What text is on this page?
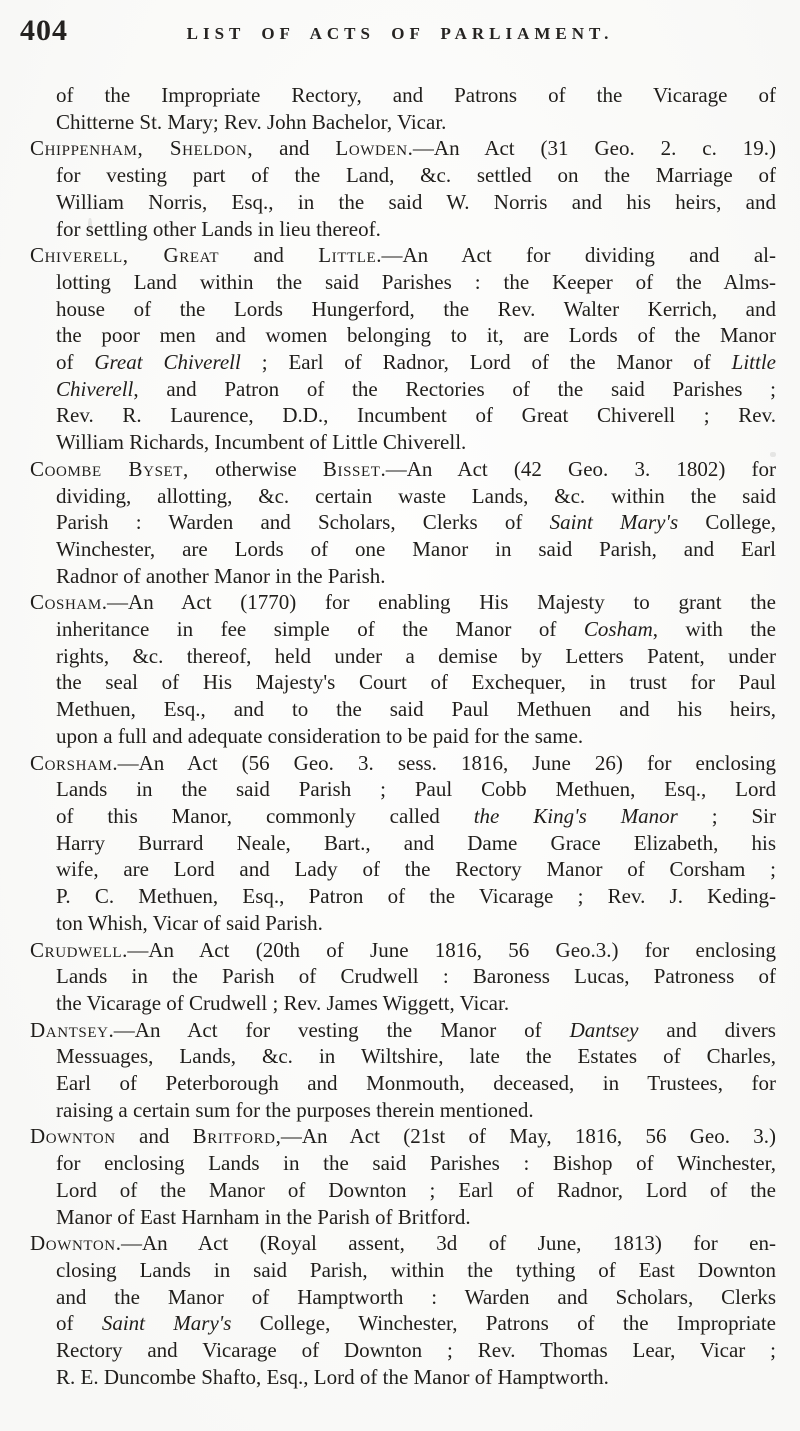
404	LIST OF ACTS OF PARLIAMENT.

of the Impropriate Rectory, and Patrons of the Vicarage of
Chitterne St. Mary; Rev. John Bachelor, Vicar.

Chippenham, Sheldon, and Lowden.—An Act (31 Geo. 2. c. 19.)
for vesting part of the Land, &c. settled on the Marriage of
William Norris, Esq., in the said W. Norris and his heirs, and
for settling other Lands in lieu thereof.

Chiverell, Great and Little.—An Act for dividing and al-
lotting Land within the said Parishes : the Keeper of the Alms-
house of the Lords Hungerford, the Rev. Walter Kerrich, and
the poor men and women belonging to it, are Lords of the Manor
of Great Chiverell ; Earl of Radnor, Lord of the Manor of Little
Chiverell, and Patron of the Rectories of the said Parishes ;
Rev. R. Laurence, D.D., Incumbent of Great Chiverell ; Rev.
William Richards, Incumbent of Little Chiverell.

Coombe Byset, otherwise Bisset.—An Act (42 Geo. 3. 1802) for
dividing, allotting, &c. certain waste Lands, &c. within the said
Parish : Warden and Scholars, Clerks of Saint Mary's College,
Winchester, are Lords of one Manor in said Parish, and Earl
Radnor of another Manor in the Parish.

Cosham.—An Act (1770) for enabling His Majesty to grant the
inheritance in fee simple of the Manor of Cosham, with the
rights, &c. thereof, held under a demise by Letters Patent, under
the seal of His Majesty's Court of Exchequer, in trust for Paul
Methuen, Esq., and to the said Paul Methuen and his heirs,
upon a full and adequate consideration to be paid for the same.

Corsham.—An Act (56 Geo. 3. sess. 1816, June 26) for enclosing
Lands in the said Parish ; Paul Cobb Methuen, Esq., Lord
of this Manor, commonly called the King's Manor ; Sir
Harry Burrard Neale, Bart., and Dame Grace Elizabeth, his
wife, are Lord and Lady of the Rectory Manor of Corsham ;
P. C. Methuen, Esq., Patron of the Vicarage ; Rev. J. Keding-
ton Whish, Vicar of said Parish.

Crudwell.—An Act (20th of June 1816, 56 Geo.3.) for enclosing
Lands in the Parish of Crudwell : Baroness Lucas, Patroness of
the Vicarage of Crudwell ; Rev. James Wiggett, Vicar.

Dantsey.—An Act for vesting the Manor of Dantsey and divers
Messuages, Lands, &c. in Wiltshire, late the Estates of Charles,
Earl of Peterborough and Monmouth, deceased, in Trustees, for
raising a certain sum for the purposes therein mentioned.

Downton and Britford,—An Act (21st of May, 1816, 56 Geo. 3.)
for enclosing Lands in the said Parishes : Bishop of Winchester,
Lord of the Manor of Downton ; Earl of Radnor, Lord of the
Manor of East Harnham in the Parish of Britford.

Downton.—An Act (Royal assent, 3d of June, 1813) for en-
closing Lands in said Parish, within the tything of East Downton
and the Manor of Hamptworth : Warden and Scholars, Clerks
of Saint Mary's College, Winchester, Patrons of the Impropriate
Rectory and Vicarage of Downton ; Rev. Thomas Lear, Vicar ;
R. E. Duncombe Shafto, Esq., Lord of the Manor of Hamptworth.
